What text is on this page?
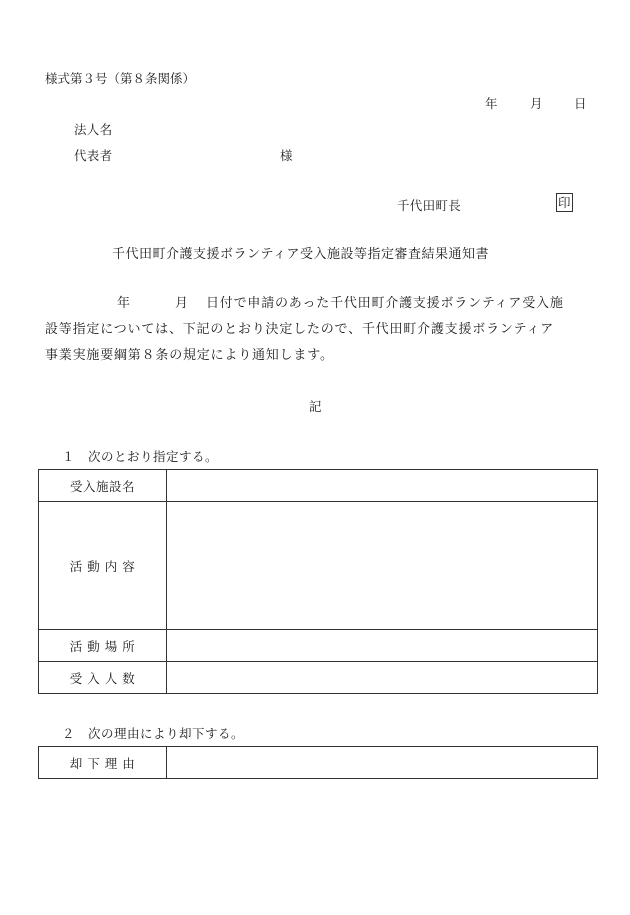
様式第３号（第８条関係）
年	月	日
法人名
代表者	様
千代田町長	印
千代田町介護支援ボランティア受入施設等指定審査結果通知書
年	月 日付で申請のあった千代田町介護支援ボランティア受入施
設等指定については、下記のとおり決定したので、千代田町介護支援ボランティア
事業実施要綱第８条の規定により通知します。
記
１　次のとおり指定する。
受入施設名	
活 動 内 容	
活 動 場 所	
受 入 人 数	
２　次の理由により却下する。
却 下 理 由	
